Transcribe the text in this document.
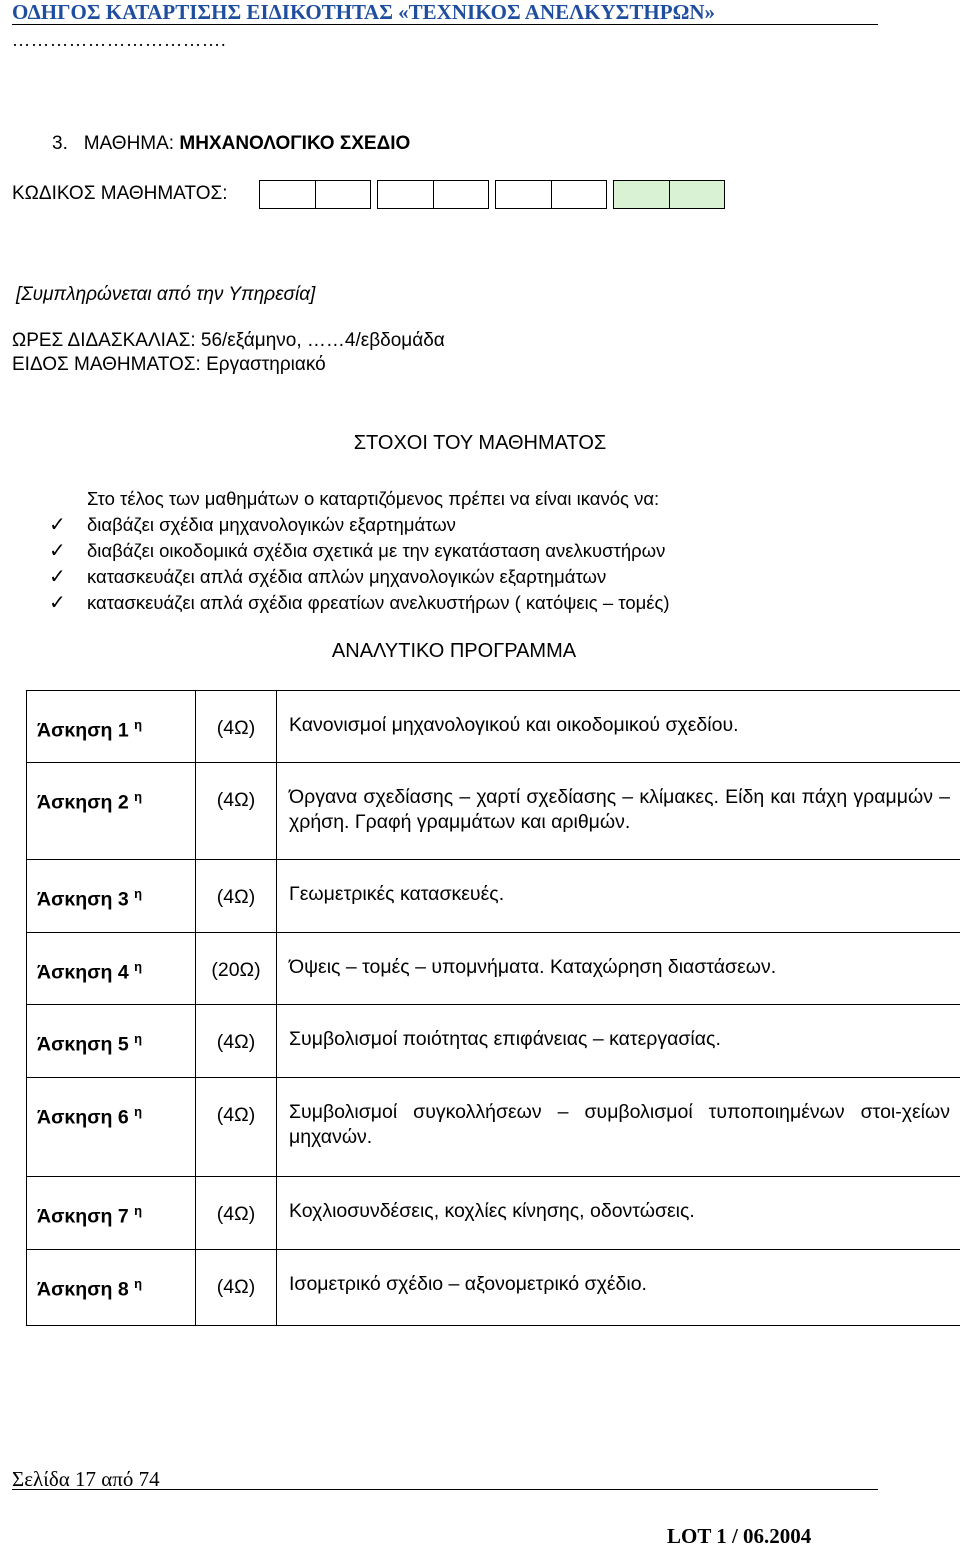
ΟΔΗΓΟΣ ΚΑΤΑΡΤΙΣΗΣ ΕΙΔΙΚΟΤΗΤΑΣ «ΤΕΧΝΙΚΟΣ ΑΝΕΛΚΥΣΤΗΡΩΝ»
…………………………….
3. ΜΑΘΗΜΑ: ΜΗΧΑΝΟΛΟΓΙΚΟ ΣΧΕΔΙΟ
ΚΩΔΙΚΟΣ ΜΑΘΗΜΑΤΟΣ:
[Συμπληρώνεται από την Υπηρεσία]
ΩΡΕΣ ΔΙΔΑΣΚΑΛΙΑΣ: 56/εξάμηνο, ……4/εβδομάδα
ΕΙΔΟΣ ΜΑΘΗΜΑΤΟΣ: Εργαστηριακό
ΣΤΟΧΟΙ ΤΟΥ ΜΑΘΗΜΑΤΟΣ
Στο τέλος των μαθημάτων ο καταρτιζόμενος πρέπει να είναι ικανός να:
✓ διαβάζει σχέδια μηχανολογικών εξαρτημάτων
✓ διαβάζει οικοδομικά σχέδια σχετικά με την εγκατάσταση ανελκυστήρων
✓ κατασκευάζει απλά σχέδια απλών μηχανολογικών εξαρτημάτων
✓ κατασκευάζει απλά σχέδια φρεατίων ανελκυστήρων ( κατόψεις – τομές)
ΑΝΑΛΥΤΙΚΟ ΠΡΟΓΡΑΜΜΑ
Άσκηση 1 $^\eta$	(4Ω)	Κανονισμοί μηχανολογικού και οικοδομικού σχεδίου.

Άσκηση 2 $^\eta$	(4Ω)	Όργανα σχεδίασης – χαρτί σχεδίασης – κλίμακες. Είδη και πάχη γραμμών – χρήση. Γραφή γραμμάτων και αριθμών.

Άσκηση 3 $^\eta$	(4Ω)	Γεωμετρικές κατασκευές.

Άσκηση 4 $^\eta$	(20Ω)	Όψεις – τομές – υπομνήματα. Καταχώρηση διαστάσεων.

Άσκηση 5 $^\eta$	(4Ω)	Συμβολισμοί ποιότητας επιφάνειας – κατεργασίας.

Άσκηση 6 $^\eta$	(4Ω)	Συμβολισμοί συγκολλήσεων – συμβολισμοί τυποποιημένων στοι-χείων μηχανών.

Άσκηση 7 $^\eta$	(4Ω)	Κοχλιοσυνδέσεις, κοχλίες κίνησης, οδοντώσεις.

Άσκηση 8 $^\eta$	(4Ω)	Ισομετρικό σχέδιο – αξονομετρικό σχέδιο.
Σελίδα 17 από 74
LOT 1 / 06.2004
